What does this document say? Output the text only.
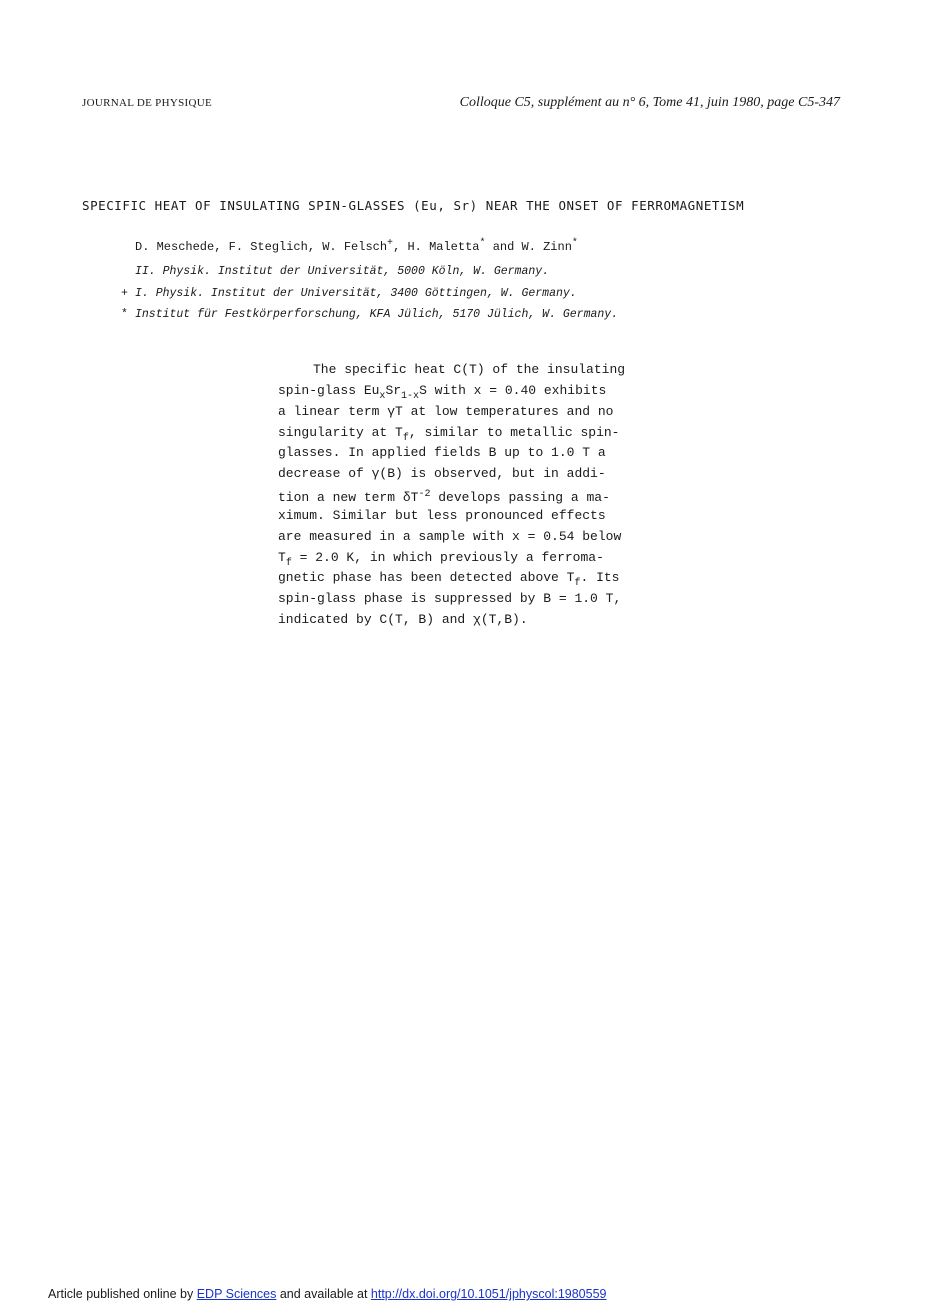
JOURNAL DE PHYSIQUE	Colloque C5, supplément au n° 6, Tome 41, juin 1980, page C5-347
SPECIFIC HEAT OF INSULATING SPIN-GLASSES (Eu, Sr) NEAR THE ONSET OF FERROMAGNETISM
D. Meschede, F. Steglich, W. Felsch+, H. Maletta* and W. Zinn*
II. Physik. Institut der Universität, 5000 Köln, W. Germany.
+ I. Physik. Institut der Universität, 3400 Göttingen, W. Germany.
* Institut für Festkörperforschung, KFA Jülich, 5170 Jülich, W. Germany.
The specific heat C(T) of the insulating
spin-glass $Eu_xSr_{1-x}S$ with x = 0.40 exhibits
a linear term γT at low temperatures and no
singularity at $T_f$, similar to metallic spin-
glasses. In applied fields B up to 1.0 T a
decrease of γ(B) is observed, but in addi-
tion a new term $\delta T^{-2}$ develops passing a ma-
ximum. Similar but less pronounced effects
are measured in a sample with x = 0.54 below
$T_f = 2.0$ K, in which previously a ferroma-
gnetic phase has been detected above $T_f$. Its
spin-glass phase is suppressed by B = 1.0 T,
indicated by C(T, B) and χ(T,B).
Article published online by EDP Sciences and available at http://dx.doi.org/10.1051/jphyscol:1980559
